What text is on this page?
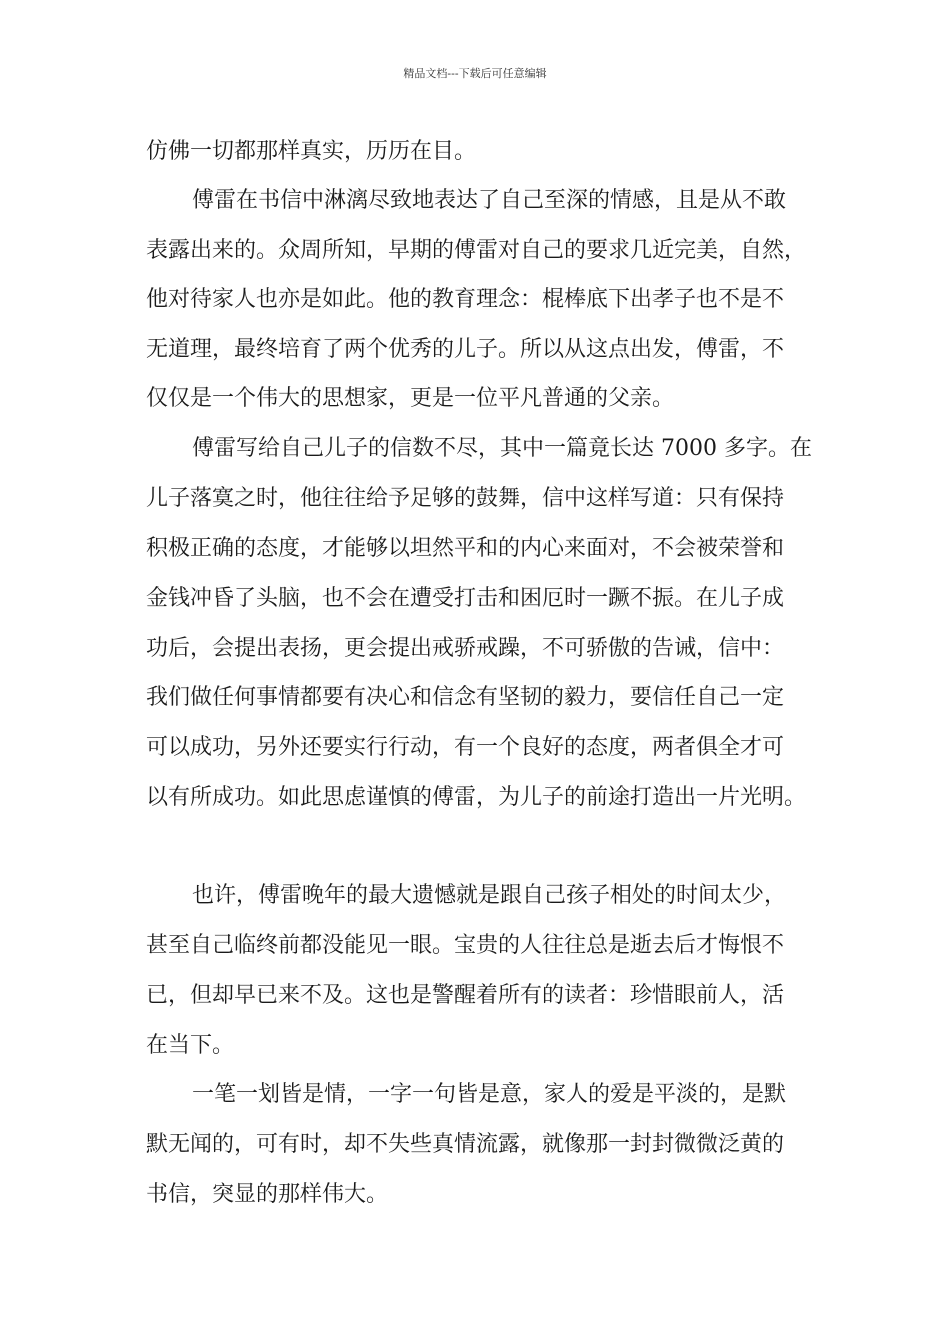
精品文档---下载后可任意编辑
仿佛一切都那样真实，历历在目。
傅雷在书信中淋漓尽致地表达了自己至深的情感，且是从不敢
表露出来的。众周所知，早期的傅雷对自己的要求几近完美，自然，
他对待家人也亦是如此。他的教育理念：棍棒底下出孝子也不是不
无道理，最终培育了两个优秀的儿子。所以从这点出发，傅雷，不
仅仅是一个伟大的思想家，更是一位平凡普通的父亲。
傅雷写给自己儿子的信数不尽，其中一篇竟长达 7000 多字。在
儿子落寞之时，他往往给予足够的鼓舞，信中这样写道：只有保持
积极正确的态度，才能够以坦然平和的内心来面对，不会被荣誉和
金钱冲昏了头脑，也不会在遭受打击和困厄时一蹶不振。在儿子成
功后，会提出表扬，更会提出戒骄戒躁，不可骄傲的告诫，信中：
我们做任何事情都要有决心和信念有坚韧的毅力，要信任自己一定
可以成功，另外还要实行行动，有一个良好的态度，两者俱全才可
以有所成功。如此思虑谨慎的傅雷，为儿子的前途打造出一片光明。
也许，傅雷晚年的最大遗憾就是跟自己孩子相处的时间太少，
甚至自己临终前都没能见一眼。宝贵的人往往总是逝去后才悔恨不
已，但却早已来不及。这也是警醒着所有的读者：珍惜眼前人，活
在当下。
一笔一划皆是情，一字一句皆是意，家人的爱是平淡的，是默
默无闻的，可有时，却不失些真情流露，就像那一封封微微泛黄的
书信，突显的那样伟大。
